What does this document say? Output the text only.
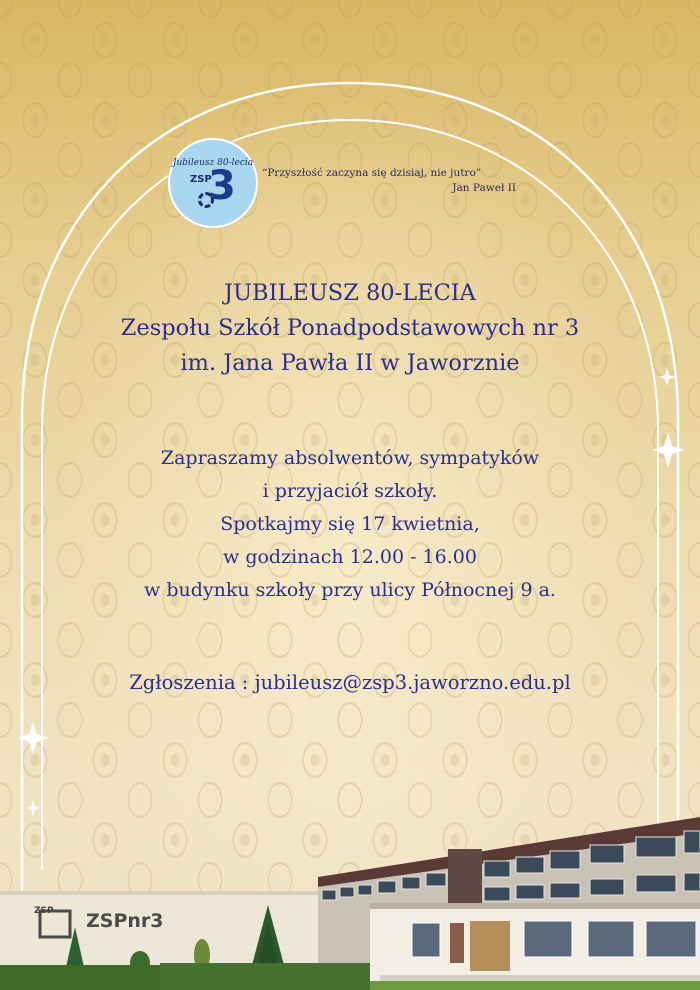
Jubileusz 80-lecia
ZSP
3 “Przyszłość zaczyna się dzisiaj, nie jutro”
Jan Paweł II
JUBILEUSZ 80-LECIA
Zespołu Szkół Ponadpodstawowych nr 3
im. Jana Pawła II w Jaworznie
Zapraszamy absolwentów, sympatyków
i przyjaciół szkoły.
Spotkajmy się 17 kwietnia,
w godzinach 12.00 - 16.00
w budynku szkoły przy ulicy Północnej 9 a.
Zgłoszenia : jubileusz@zsp3.jaworzno.edu.pl
ZSP ZSPnr3
